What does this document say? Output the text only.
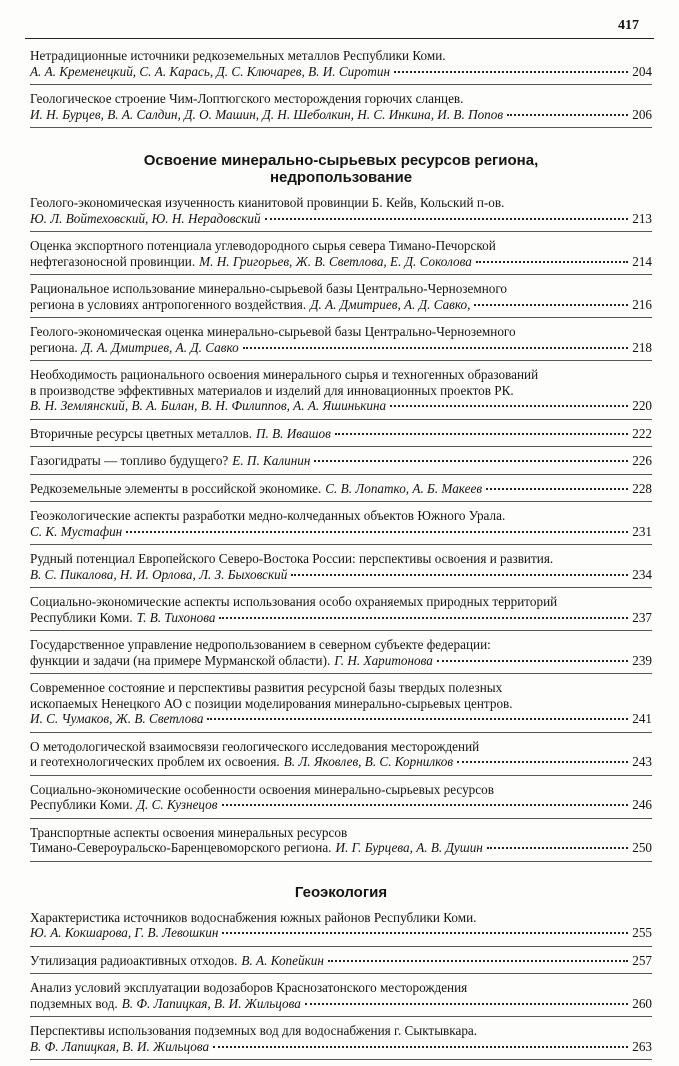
417
Нетрадиционные источники редкоземельных металлов Республики Коми.
А. А. Кременецкий, С. А. Карась, Д. С. Ключарев, В. И. Сиротин	204
Геологическое строение Чим-Лоптюгского месторождения горючих сланцев.
И. Н. Бурцев, В. А. Салдин, Д. О. Машин, Д. Н. Шеболкин, Н. С. Инкина, И. В. Попов	206
Освоение минерально-сырьевых ресурсов региона,
недропользование
Геолого-экономическая изученность кианитовой провинции Б. Кейв, Кольский п-ов.
Ю. Л. Войтеховский, Ю. Н. Нерадовский	213
Оценка экспортного потенциала углеводородного сырья севера Тимано-Печорской
нефтегазоносной провинции. М. Н. Григорьев, Ж. В. Светлова, Е. Д. Соколова	214
Рациональное использование минерально-сырьевой базы Центрально-Черноземного
региона в условиях антропогенного воздействия. Д. А. Дмитриев, А. Д. Савко,	216
Геолого-экономическая оценка минерально-сырьевой базы Центрально-Черноземного
региона. Д. А. Дмитриев, А. Д. Савко	218
Необходимость рационального освоения минерального сырья и техногенных образований
в производстве эффективных материалов и изделий для инновационных проектов РК.
В. Н. Землянский, В. А. Билан, В. Н. Филиппов, А. А. Яшинькина	220
Вторичные ресурсы цветных металлов. П. В. Ивашов	222
Газогидраты — топливо будущего? Е. П. Калинин	226
Редкоземельные элементы в российской экономике. С. В. Лопатко, А. Б. Макеев	228
Геоэкологические аспекты разработки медно-колчеданных объектов Южного Урала.
С. К. Мустафин	231
Рудный потенциал Европейского Северо-Востока России: перспективы освоения и развития.
В. С. Пикалова, Н. И. Орлова, Л. З. Быховский	234
Социально-экономические аспекты использования особо охраняемых природных территорий
Республики Коми. Т. В. Тихонова	237
Государственное управление недропользованием в северном субъекте федерации:
функции и задачи (на примере Мурманской области). Г. Н. Харитонова	239
Современное состояние и перспективы развития ресурсной базы твердых полезных
ископаемых Ненецкого АО с позиции моделирования минерально-сырьевых центров.
И. С. Чумаков, Ж. В. Светлова	241
О методологической взаимосвязи геологического исследования месторождений
и геотехнологических проблем их освоения. В. Л. Яковлев, В. С. Корнилков	243
Социально-экономические особенности освоения минерально-сырьевых ресурсов
Республики Коми. Д. С. Кузнецов	246
Транспортные аспекты освоения минеральных ресурсов
Тимано-Североуральско-Баренцевоморского региона. И. Г. Бурцева, А. В. Душин	250
Геоэкология
Характеристика источников водоснабжения южных районов Республики Коми.
Ю. А. Кокшарова, Г. В. Левошкин	255
Утилизация радиоактивных отходов. В. А. Копейкин	257
Анализ условий эксплуатации водозаборов Краснозатонского месторождения
подземных вод. В. Ф. Лапицкая, В. И. Жильцова	260
Перспективы использования подземных вод для водоснабжения г. Сыктывкара.
В. Ф. Лапицкая, В. И. Жильцова	263
